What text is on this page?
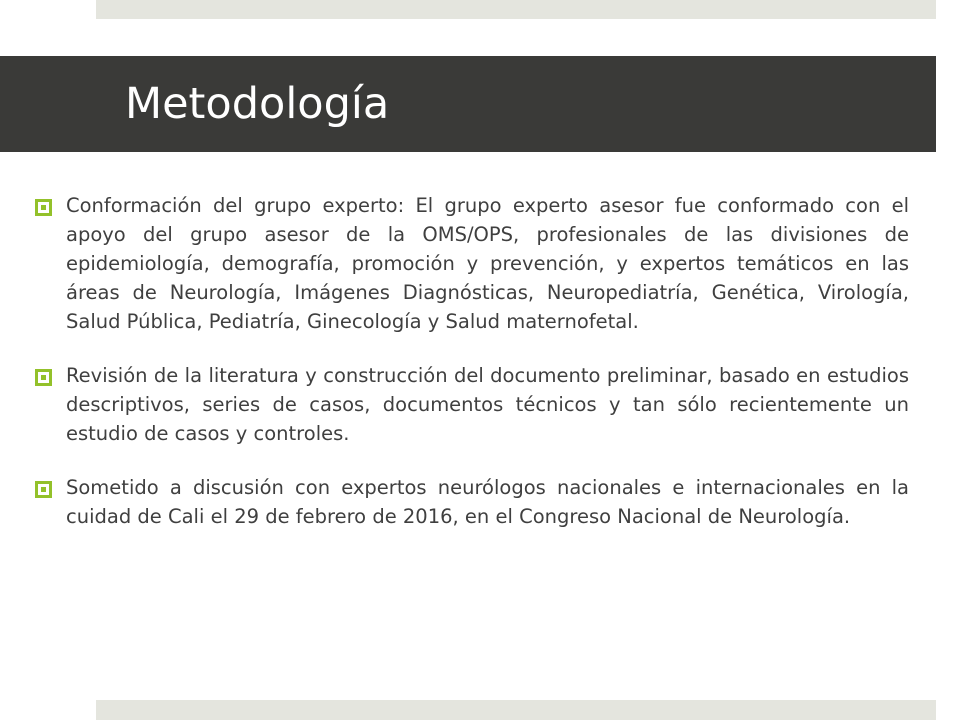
Metodología
Conformación del grupo experto: El grupo experto asesor fue conformado con el apoyo del grupo asesor de la OMS/OPS, profesionales de las divisiones de epidemiología, demografía, promoción y prevención, y expertos temáticos en las áreas de Neurología, Imágenes Diagnósticas, Neuropediatría, Genética, Virología, Salud Pública, Pediatría, Ginecología y Salud maternofetal.
Revisión de la literatura y construcción del documento preliminar, basado en estudios descriptivos, series de casos, documentos técnicos y tan sólo recientemente un estudio de casos y controles.
Sometido a discusión con expertos neurólogos nacionales e internacionales en la cuidad de Cali el 29 de febrero de 2016, en el Congreso Nacional de Neurología.
